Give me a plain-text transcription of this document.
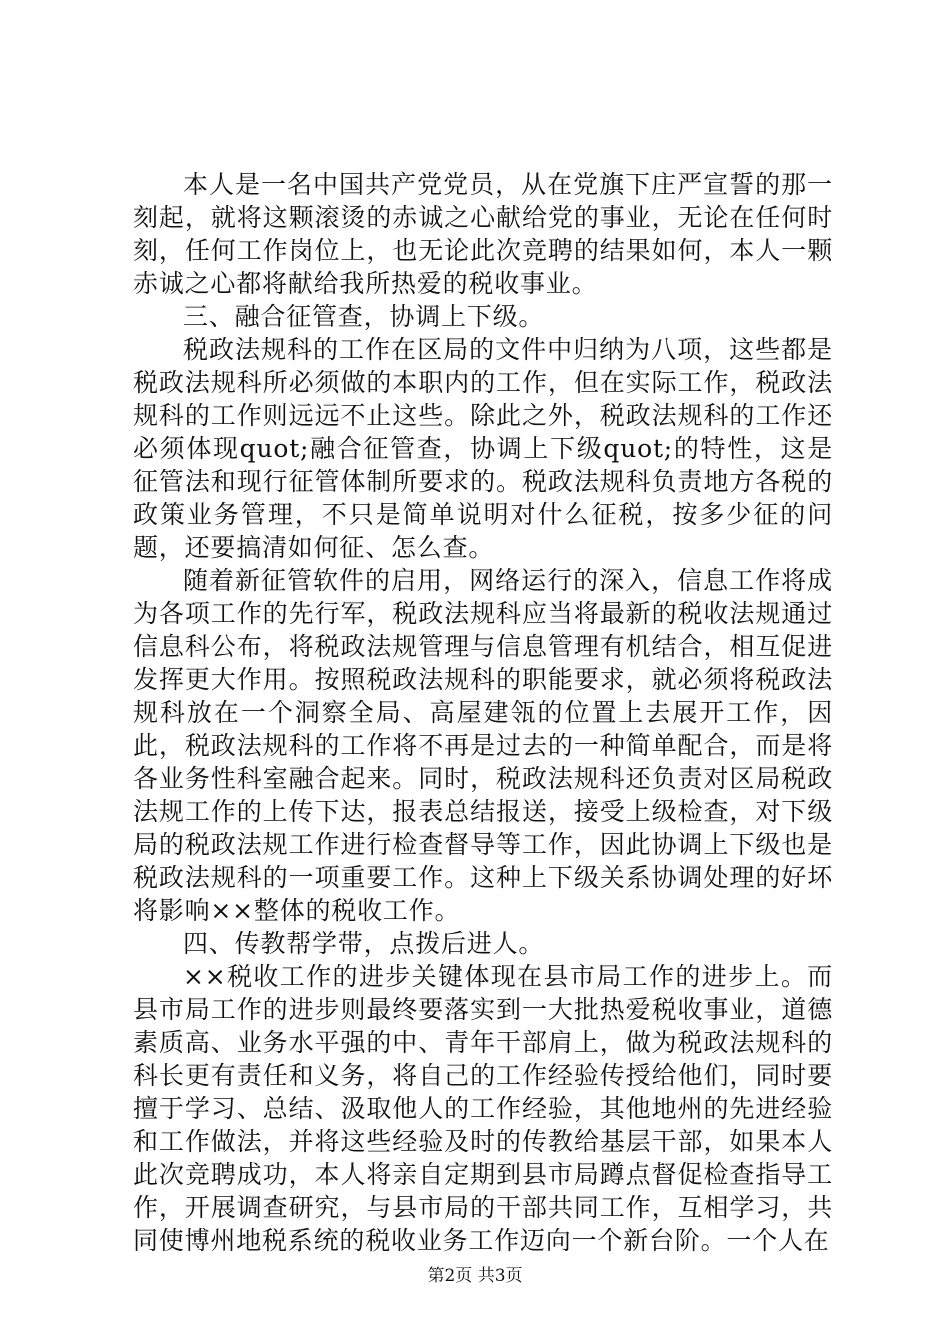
本人是一名中国共产党党员，从在党旗下庄严宣誓的那一刻起，就将这颗滚烫的赤诚之心献给党的事业，无论在任何时刻，任何工作岗位上，也无论此次竞聘的结果如何，本人一颗赤诚之心都将献给我所热爱的税收事业。

三、融合征管查，协调上下级。

税政法规科的工作在区局的文件中归纳为八项，这些都是税政法规科所必须做的本职内的工作，但在实际工作，税政法规科的工作则远远不止这些。除此之外，税政法规科的工作还必须体现quot;融合征管查，协调上下级quot;的特性，这是征管法和现行征管体制所要求的。税政法规科负责地方各税的政策业务管理，不只是简单说明对什么征税，按多少征的问题，还要搞清如何征、怎么查。

随着新征管软件的启用，网络运行的深入，信息工作将成为各项工作的先行军，税政法规科应当将最新的税收法规通过信息科公布，将税政法规管理与信息管理有机结合，相互促进发挥更大作用。按照税政法规科的职能要求，就必须将税政法规科放在一个洞察全局、高屋建瓴的位置上去展开工作，因此，税政法规科的工作将不再是过去的一种简单配合，而是将各业务性科室融合起来。同时，税政法规科还负责对区局税政法规工作的上传下达，报表总结报送，接受上级检查，对下级局的税政法规工作进行检查督导等工作，因此协调上下级也是税政法规科的一项重要工作。这种上下级关系协调处理的好坏将影响××整体的税收工作。

四、传教帮学带，点拨后进人。

××税收工作的进步关键体现在县市局工作的进步上。而县市局工作的进步则最终要落实到一大批热爱税收事业，道德素质高、业务水平强的中、青年干部肩上，做为税政法规科的科长更有责任和义务，将自己的工作经验传授给他们，同时要擅于学习、总结、汲取他人的工作经验，其他地州的先进经验和工作做法，并将这些经验及时的传教给基层干部，如果本人此次竞聘成功，本人将亲自定期到县市局蹲点督促检查指导工作，开展调查研究，与县市局的干部共同工作，互相学习，共同使博州地税系统的税收业务工作迈向一个新台阶。一个人在

第2页 共3页
